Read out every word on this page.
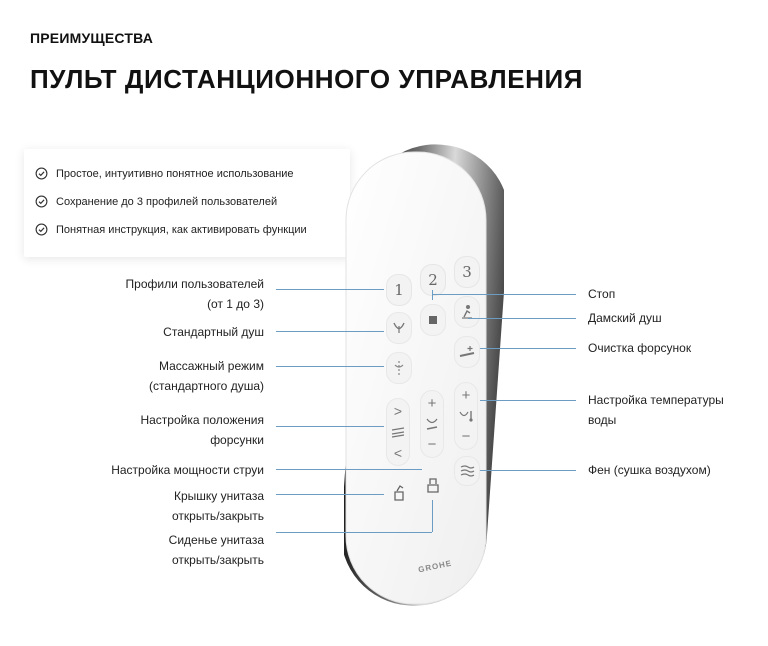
ПРЕИМУЩЕСТВА
ПУЛЬТ ДИСТАНЦИОННОГО УПРАВЛЕНИЯ
Простое, интуитивно понятное использование
Сохранение до 3 профилей пользователей
Понятная инструкция, как активировать функции
1
2	3
>
<
+
−
+
−
GROHE
Профили пользователей
(от 1 до 3)
Стандартный душ
Массажный режим
(стандартного душа)
Настройка положения
форсунки
Настройка мощности струи
Крышку унитаза
открыть/закрыть
Сиденье унитаза
открыть/закрыть
Стоп
Дамский душ
Очистка форсунок
Настройка температуры
воды
Фен (сушка воздухом)
